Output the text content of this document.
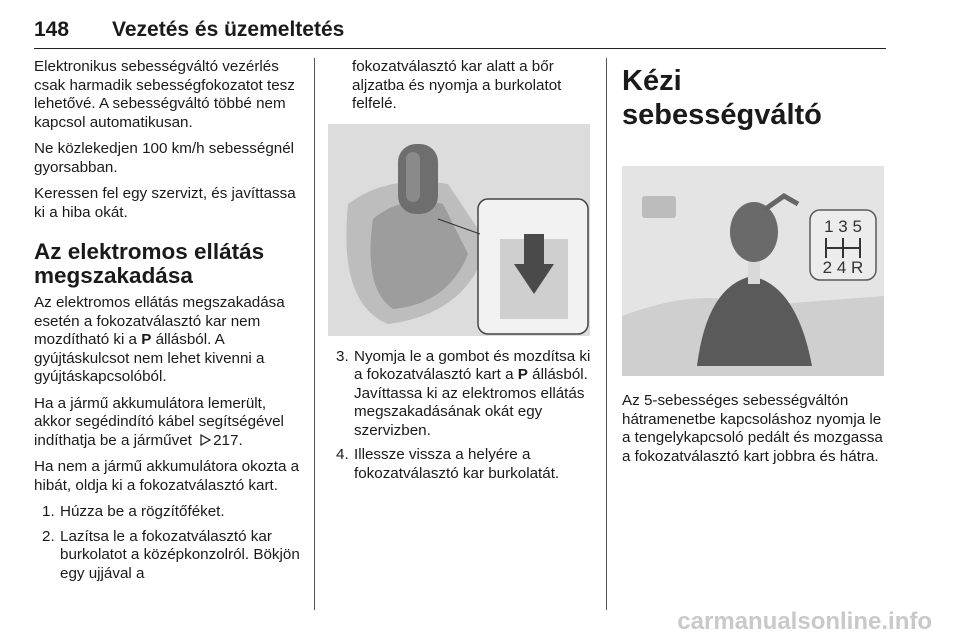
148 Vezetés és üzemeltetés

Elektronikus sebességváltó vezérlés csak harmadik sebességfokozatot tesz lehetővé. A sebességváltó többé nem kapcsol automatikusan.

Ne közlekedjen 100 km/h sebességnél gyorsabban.

Keressen fel egy szervizt, és javíttassa ki a hiba okát.

Az elektromos ellátás megszakadása

Az elektromos ellátás megszakadása esetén a fokozatválasztó kar nem mozdítható ki a P állásból. A gyújtáskulcsot nem lehet kivenni a gyújtáskapcsolóból.

Ha a jármű akkumulátora lemerült, akkor segédindító kábel segítségével indíthatja be a járművet 217.

Ha nem a jármű akkumulátora okozta a hibát, oldja ki a fokozatválasztó kart.

1. Húzza be a rögzítőféket.
2. Lazítsa le a fokozatválasztó kar burkolatot a középkonzolról. Bökjön egy ujjával a

fokozatválasztó kar alatt a bőr aljzatba és nyomja a burkolatot felfelé.

3. Nyomja le a gombot és mozdítsa ki a fokozatválasztó kart a P állásból. Javíttassa ki az elektromos ellátás megszakadásának okát egy szervizben.
4. Illessze vissza a helyére a fokozatválasztó kar burkolatát.
Kézi sebességváltó
1 3 5
2 4 R

Az 5-sebességes sebességváltón hátramenetbe kapcsoláshoz nyomja le a tengelykapcsoló pedált és mozgassa a fokozatválasztó kart jobbra és hátra.

carmanualsonline.info
